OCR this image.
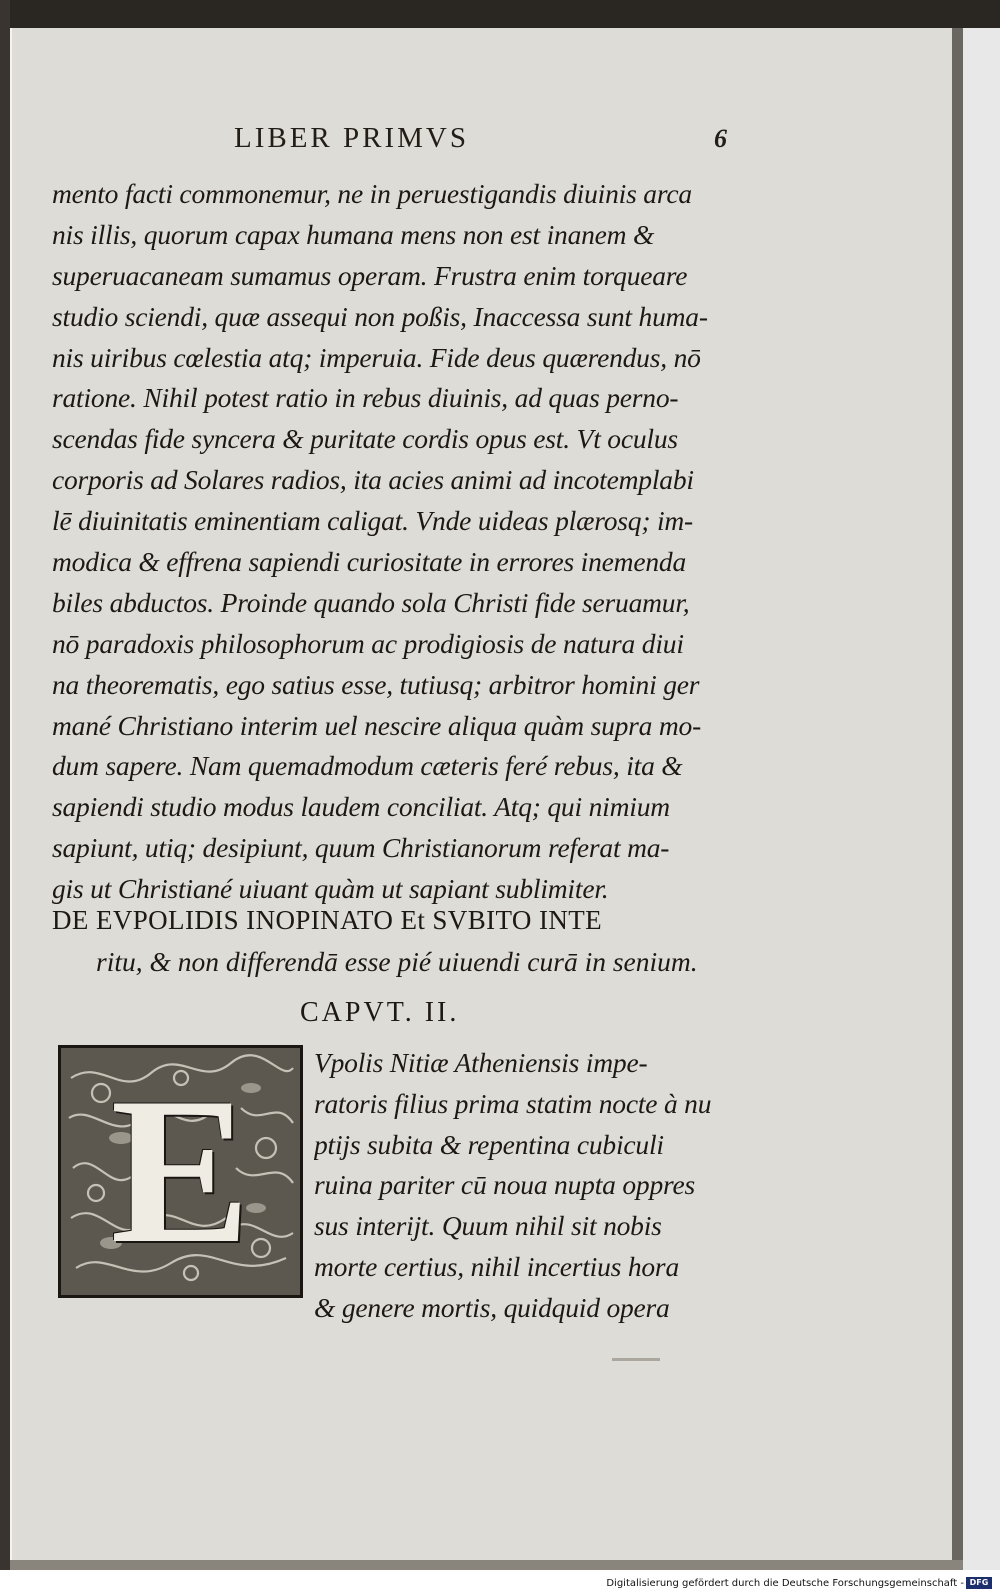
LIBER PRIMVS	6
mento facti commonemur, ne in peruestigandis diuinis arca
nis illis, quorum capax humana mens non est inanem &
superuacaneam sumamus operam. Frustra enim torqueare
studio sciendi, quæ assequi non poßis, Inaccessa sunt huma-
nis uiribus cœlestia atq; imperuia. Fide deus quærendus, nō
ratione. Nihil potest ratio in rebus diuinis, ad quas perno-
scendas fide syncera & puritate cordis opus est. Vt oculus
corporis ad Solares radios, ita acies animi ad incotemplabi
lē diuinitatis eminentiam caligat. Vnde uideas plærosq; im-
modica & effrena sapiendi curiositate in errores inemenda
biles abductos. Proinde quando sola Christi fide seruamur,
nō paradoxis philosophorum ac prodigiosis de natura diui
na theorematis, ego satius esse, tutiusq; arbitror homini ger
mané Christiano interim uel nescire aliqua quàm supra mo-
dum sapere. Nam quemadmodum cæteris feré rebus, ita &
sapiendi studio modus laudem conciliat. Atq; qui nimium
sapiunt, utiq; desipiunt, quum Christianorum referat ma-
gis ut Christiané uiuant quàm ut sapiant sublimiter.
DE EVPOLIDIS INOPINATO Et SVBITO INTE
ritu, & non differendā esse pié uiuendi curā in senium.
CAPVT. II.
E	Vpolis Nitiæ Atheniensis impe-
ratoris filius prima statim nocte à nu
ptijs subita & repentina cubiculi
ruina pariter cū noua nupta oppres
sus interijt. Quum nihil sit nobis
morte certius, nihil incertius hora
& genere mortis, quidquid opera
Digitalisierung gefördert durch die Deutsche Forschungsgemeinschaft - DFG
